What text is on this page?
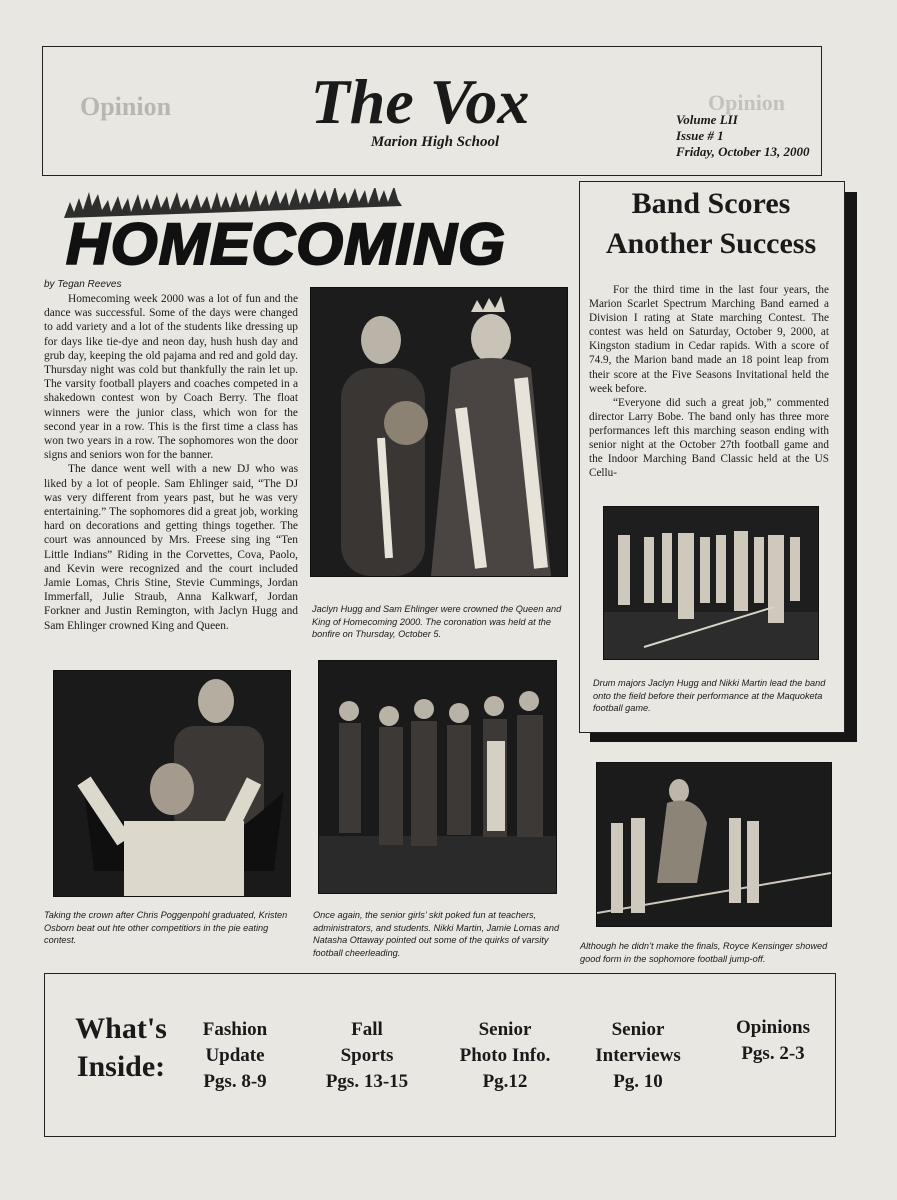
Opinion	The Vox
Marion High School
Volume LII
Issue # 1
Friday, October 13, 2000
Opinion
HOMECOMING
by Tegan Reeves

Homecoming week 2000 was a lot of fun and the dance was successful. Some of the days were changed to add variety and a lot of the students like dressing up for days like tie-dye and neon day, hush hush day and grub day, keeping the old pajama and red and gold day. Thursday night was cold but thankfully the rain let up. The varsity football players and coaches competed in a shakedown contest won by Coach Berry. The float winners were the junior class, which won for the second year in a row. This is the first time a class has won two years in a row. The sophomores won the door signs and seniors won for the banner.

The dance went well with a new DJ who was liked by a lot of people. Sam Ehlinger said, “The DJ was very different from years past, but he was very entertaining.” The sophomores did a great job, working hard on decorations and getting things together. The court was announced by Mrs. Freese sing ing “Ten Little Indians” Riding in the Corvettes, Cova, Paolo, and Kevin were recognized and the court included Jamie Lomas, Chris Stine, Stevie Cummings, Jordan Immerfall, Julie Straub, Anna Kalkwarf, Jordan Forkner and Justin Remington, with Jaclyn Hugg and Sam Ehlinger crowned King and Queen.

Jaclyn Hugg and Sam Ehlinger were crowned the Queen and King of Homecoming 2000. The coronation was held at the bonfire on Thursday, October 5.
Band Scores
Another Success

For the third time in the last four years, the Marion Scarlet Spectrum Marching Band earned a Division I rating at State marching Contest. The contest was held on Saturday, October 9, 2000, at Kingston stadium in Cedar rapids. With a score of 74.9, the Marion band made an 18 point leap from their score at the Five Seasons Invitational held the week before.

“Everyone did such a great job,” commented director Larry Bobe. The band only has three more performances left this marching season ending with senior night at the October 27th football game and the Indoor Marching Band Classic held at the US Cellu-

Drum majors Jaclyn Hugg and Nikki Martin lead the band onto the field before their performance at the Maquoketa football game.
Taking the crown after Chris Poggenpohl graduated, Kristen Osborn beat out hte other competitiors in the pie eating contest.
Once again, the senior girls’ skit poked fun at teachers, administrators, and students. Nikki Martin, Jamie Lomas and Natasha Ottaway pointed out some of the quirks of varsity football cheerleading.
Although he didn’t make the finals, Royce Kensinger showed good form in the sophomore football jump-off.
What's
Inside:
Fashion
Update
Pgs. 8-9
Fall
Sports
Pgs. 13-15
Senior
Photo Info.
Pg.12
Senior
Interviews
Pg. 10
Opinions
Pgs. 2-3
